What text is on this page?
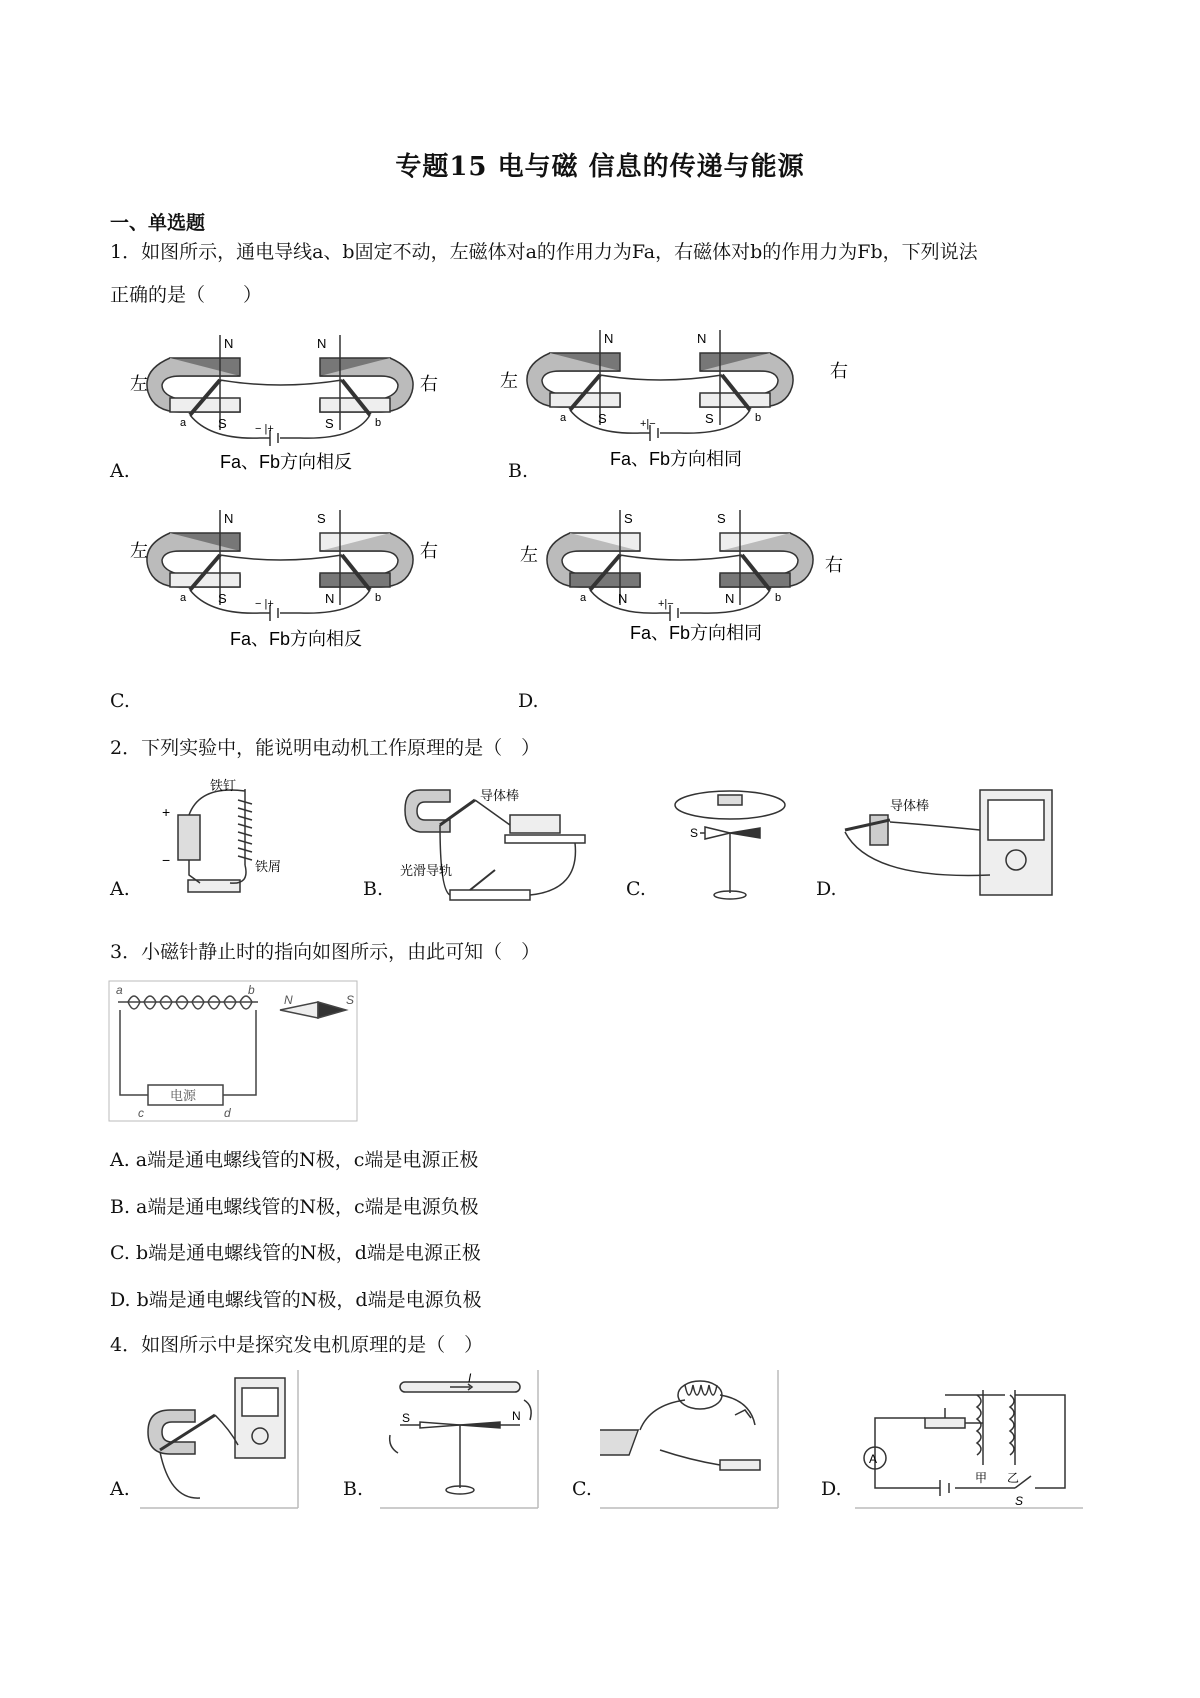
专题15 电与磁 信息的传递与能源
一、单选题
1．如图所示，通电导线a、b固定不动，左磁体对a的作用力为Fa，右磁体对b的作用力为Fb，下列说法
正确的是（　　）
N	N
S	S
左	右
a	b
− |+
Fa、Fb方向相反
N	N
S	S
左	右
a	b
+|−
Fa、Fb方向相同
A.	B.
N	S
S	N
左	右
a	b
− |+
Fa、Fb方向相反
S	S
N	N
左	右
a	b
+|−
Fa、Fb方向相同
C.	D.
2．下列实验中，能说明电动机工作原理的是（　）
+
−
铁钉
铁屑
导体棒
光滑导轨
S
导体棒
A.	B.	C.	D.
3．小磁针静止时的指向如图所示，由此可知（　）
a	b
c	d
电源
N	S
A. a端是通电螺线管的N极，c端是电源正极
B. a端是通电螺线管的N极，c端是电源负极
C. b端是通电螺线管的N极，d端是电源正极
D. b端是通电螺线管的N极，d端是电源负极
4．如图所示中是探究发电机原理的是（　）
I
S	N
A
甲 乙
S
A.	B.	C.	D.
